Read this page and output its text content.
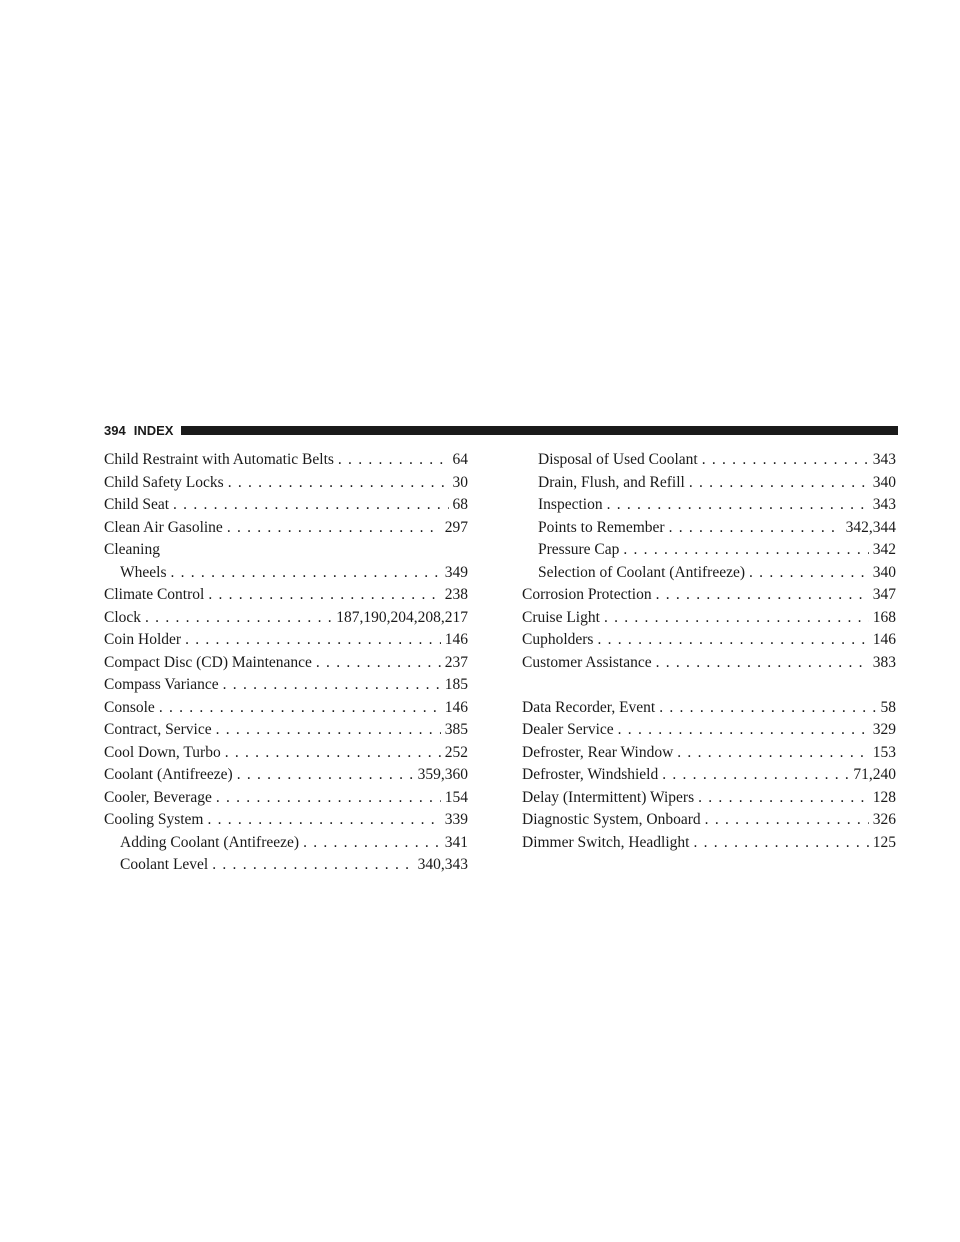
394 INDEX
Child Restraint with Automatic Belts . . .	64
Child Safety Locks . . .	30
Child Seat . . .	68
Clean Air Gasoline . . .	297
Cleaning
Wheels . . .	349
Climate Control . . .	238
Clock . . .	187,190,204,208,217
Coin Holder . . .	146
Compact Disc (CD) Maintenance . . .	237
Compass Variance . . .	185
Console . . .	146
Contract, Service . . .	385
Cool Down, Turbo . . .	252
Coolant (Antifreeze) . . .	359,360
Cooler, Beverage . . .	154
Cooling System . . .	339
Adding Coolant (Antifreeze) . . .	341
Coolant Level . . .	340,343
Disposal of Used Coolant . . .	343
Drain, Flush, and Refill . . .	340
Inspection . . .	343
Points to Remember . . .	342,344
Pressure Cap . . .	342
Selection of Coolant (Antifreeze) . . .	340
Corrosion Protection . . .	347
Cruise Light . . .	168
Cupholders . . .	146
Customer Assistance . . .	383
Data Recorder, Event . . .	58
Dealer Service . . .	329
Defroster, Rear Window . . .	153
Defroster, Windshield . . .	71,240
Delay (Intermittent) Wipers . . .	128
Diagnostic System, Onboard . . .	326
Dimmer Switch, Headlight . . .	125
